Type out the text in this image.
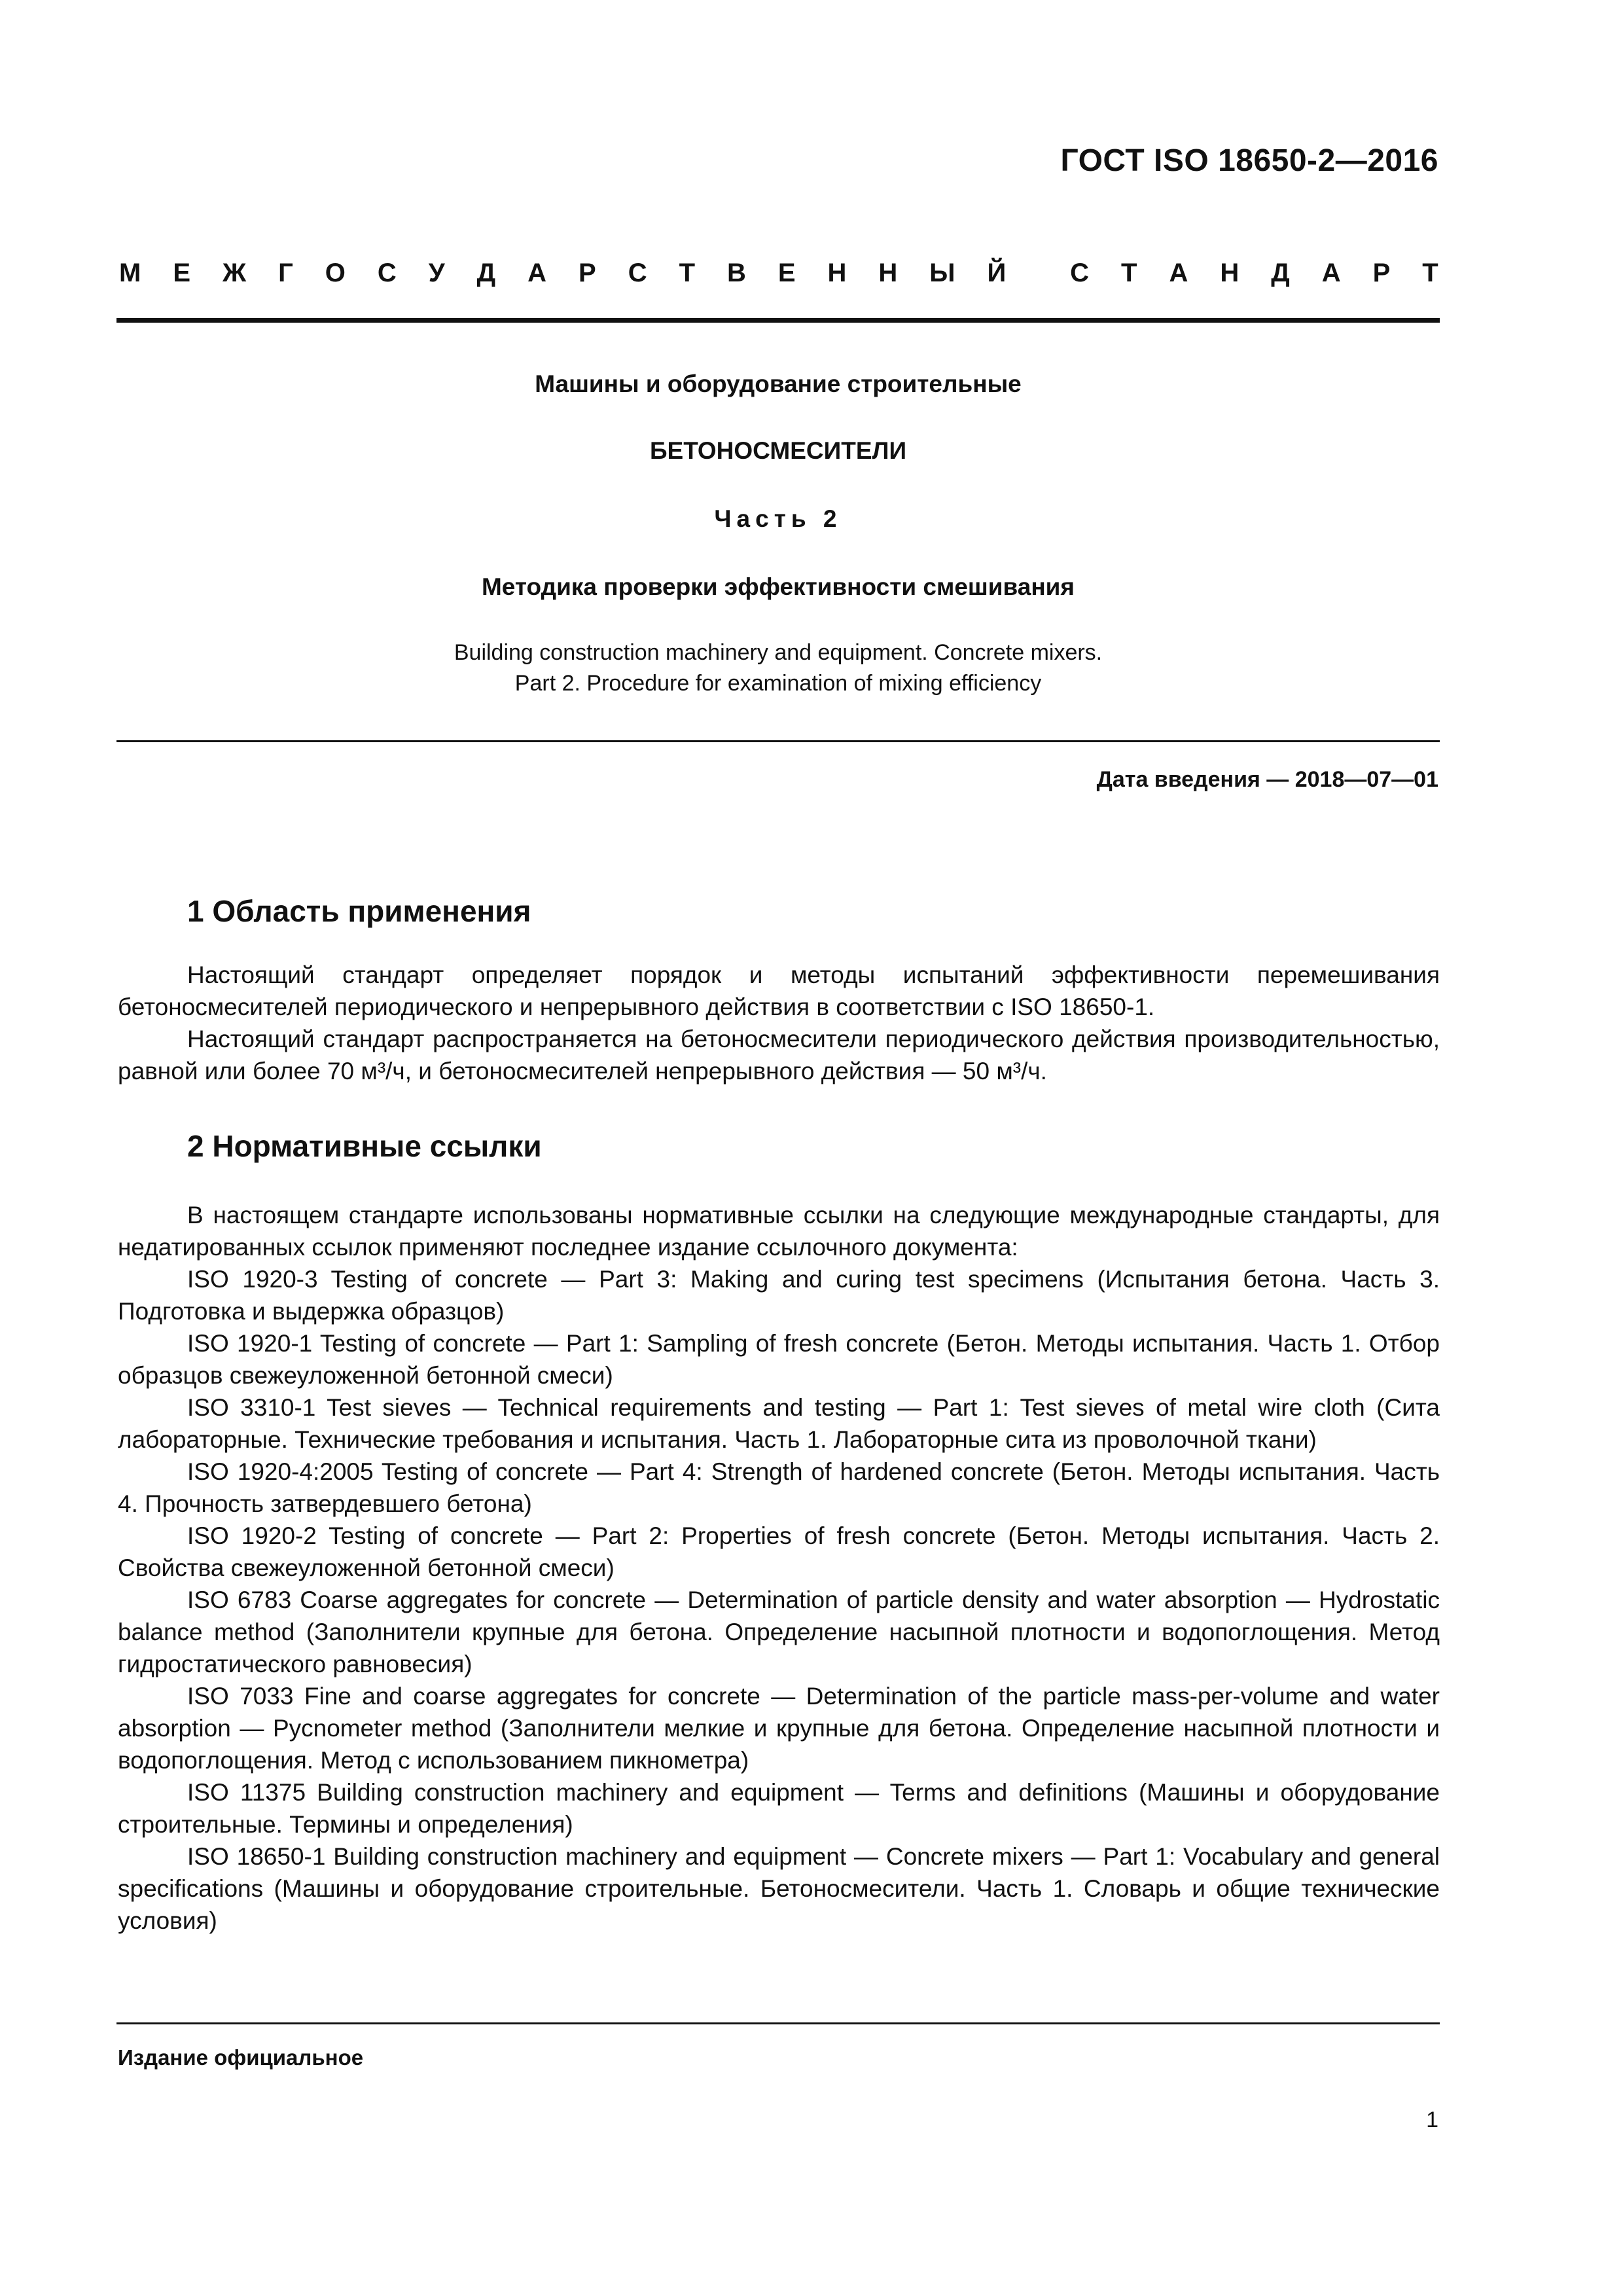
ГОСТ ISO 18650-2—2016
М Е Ж Г О С У Д А Р С Т В Е Н Н Ы Й С Т А Н Д А Р Т
Машины и оборудование строительные
БЕТОНОСМЕСИТЕЛИ
Часть 2
Методика проверки эффективности смешивания
Building construction machinery and equipment. Concrete mixers.
Part 2. Procedure for examination of mixing efficiency
Дата введения — 2018—07—01
1 Область применения

Настоящий стандарт определяет порядок и методы испытаний эффективности перемешивания бетоносмесителей периодического и непрерывного действия в соответствии с ISO 18650-1.

Настоящий стандарт распространяется на бетоносмесители периодического действия производительностью, равной или более 70 м³/ч, и бетоносмесителей непрерывного действия — 50 м³/ч.

2 Нормативные ссылки

В настоящем стандарте использованы нормативные ссылки на следующие международные стандарты, для недатированных ссылок применяют последнее издание ссылочного документа:

ISO 1920-3 Testing of concrete — Part 3: Making and curing test specimens (Испытания бетона. Часть 3. Подготовка и выдержка образцов)

ISO 1920-1 Testing of concrete — Part 1: Sampling of fresh concrete (Бетон. Методы испытания. Часть 1. Отбор образцов свежеуложенной бетонной смеси)

ISO 3310-1 Test sieves — Technical requirements and testing — Part 1: Test sieves of metal wire cloth (Сита лабораторные. Технические требования и испытания. Часть 1. Лабораторные сита из проволочной ткани)

ISO 1920-4:2005 Testing of concrete — Part 4: Strength of hardened concrete (Бетон. Методы испытания. Часть 4. Прочность затвердевшего бетона)

ISO 1920-2 Testing of concrete — Part 2: Properties of fresh concrete (Бетон. Методы испытания. Часть 2. Свойства свежеуложенной бетонной смеси)

ISO 6783 Coarse aggregates for concrete — Determination of particle density and water absorption — Hydrostatic balance method (Заполнители крупные для бетона. Определение насыпной плотности и водопоглощения. Метод гидростатического равновесия)

ISO 7033 Fine and coarse aggregates for concrete — Determination of the particle mass-per-volume and water absorption — Pycnometer method (Заполнители мелкие и крупные для бетона. Определение насыпной плотности и водопоглощения. Метод с использованием пикнометра)

ISO 11375 Building construction machinery and equipment — Terms and definitions (Машины и оборудование строительные. Термины и определения)

ISO 18650-1 Building construction machinery and equipment — Concrete mixers — Part 1: Vocabulary and general specifications (Машины и оборудование строительные. Бетоносмесители. Часть 1. Словарь и общие технические условия)

Издание официальное
1
